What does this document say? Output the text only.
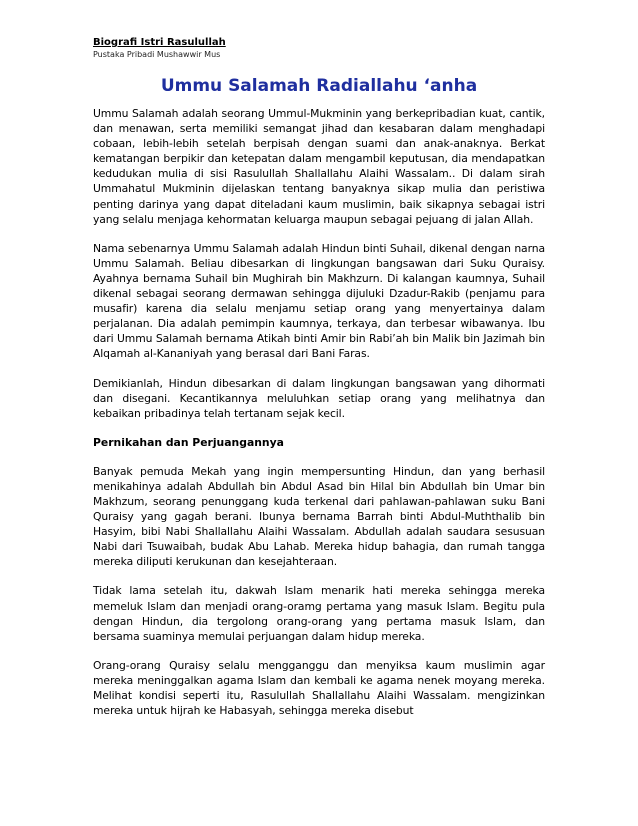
Biografi Istri Rasulullah

Pustaka Pribadi Mushawwir Mus

Ummu Salamah Radiallahu ‘anha

Ummu Salamah adalah seorang Ummul-Mukminin yang berkepribadian kuat, cantik, dan menawan, serta memiliki semangat jihad dan kesabaran dalam menghadapi cobaan, lebih-lebih setelah berpisah dengan suami dan anak-anaknya. Berkat kematangan berpikir dan ketepatan dalam mengambil keputusan, dia mendapatkan kedudukan mulia di sisi Rasulullah Shallallahu Alaihi Wassalam.. Di dalam sirah Ummahatul Mukminin dijelaskan tentang banyaknya sikap mulia dan peristiwa penting darinya yang dapat diteladani kaum muslimin, baik sikapnya sebagai istri yang selalu menjaga kehormatan keluarga maupun sebagai pejuang di jalan Allah.

Nama sebenarnya Ummu Salamah adalah Hindun binti Suhail, dikenal dengan narna Ummu Salamah. Beliau dibesarkan di lingkungan bangsawan dari Suku Quraisy. Ayahnya bernama Suhail bin Mughirah bin Makhzurn. Di kalangan kaumnya, Suhail dikenal sebagai seorang dermawan sehingga dijuluki Dzadur-Rakib (penjamu para musafir) karena dia selalu menjamu setiap orang yang menyertainya dalam perjalanan. Dia adalah pemimpin kaumnya, terkaya, dan terbesar wibawanya. Ibu dari Ummu Salamah bernama Atikah binti Amir bin Rabi’ah bin Malik bin Jazimah bin Alqamah al-Kananiyah yang berasal dari Bani Faras.

Demikianlah, Hindun dibesarkan di dalam lingkungan bangsawan yang dihormati dan disegani. Kecantikannya meluluhkan setiap orang yang melihatnya dan kebaikan pribadinya telah tertanam sejak kecil.

Pernikahan dan Perjuangannya

Banyak pemuda Mekah yang ingin mempersunting Hindun, dan yang berhasil menikahinya adalah Abdullah bin Abdul Asad bin Hilal bin Abdullah bin Umar bin Makhzum, seorang penunggang kuda terkenal dari pahlawan-pahlawan suku Bani Quraisy yang gagah berani. Ibunya bernama Barrah binti Abdul-Muththalib bin Hasyim, bibi Nabi Shallallahu Alaihi Wassalam. Abdullah adalah saudara sesusuan Nabi dari Tsuwaibah, budak Abu Lahab. Mereka hidup bahagia, dan rumah tangga mereka diliputi kerukunan dan kesejahteraan.

Tidak lama setelah itu, dakwah Islam menarik hati mereka sehingga mereka memeluk Islam dan menjadi orang-oramg pertama yang masuk Islam. Begitu pula dengan Hindun, dia tergolong orang-orang yang pertama masuk Islam, dan bersama suaminya memulai perjuangan dalam hidup mereka.

Orang-orang Quraisy selalu mengganggu dan menyiksa kaum muslimin agar mereka meninggalkan agama Islam dan kembali ke agama nenek moyang mereka. Melihat kondisi seperti itu, Rasulullah Shallallahu Alaihi Wassalam. mengizinkan mereka untuk hijrah ke Habasyah, sehingga mereka disebut
